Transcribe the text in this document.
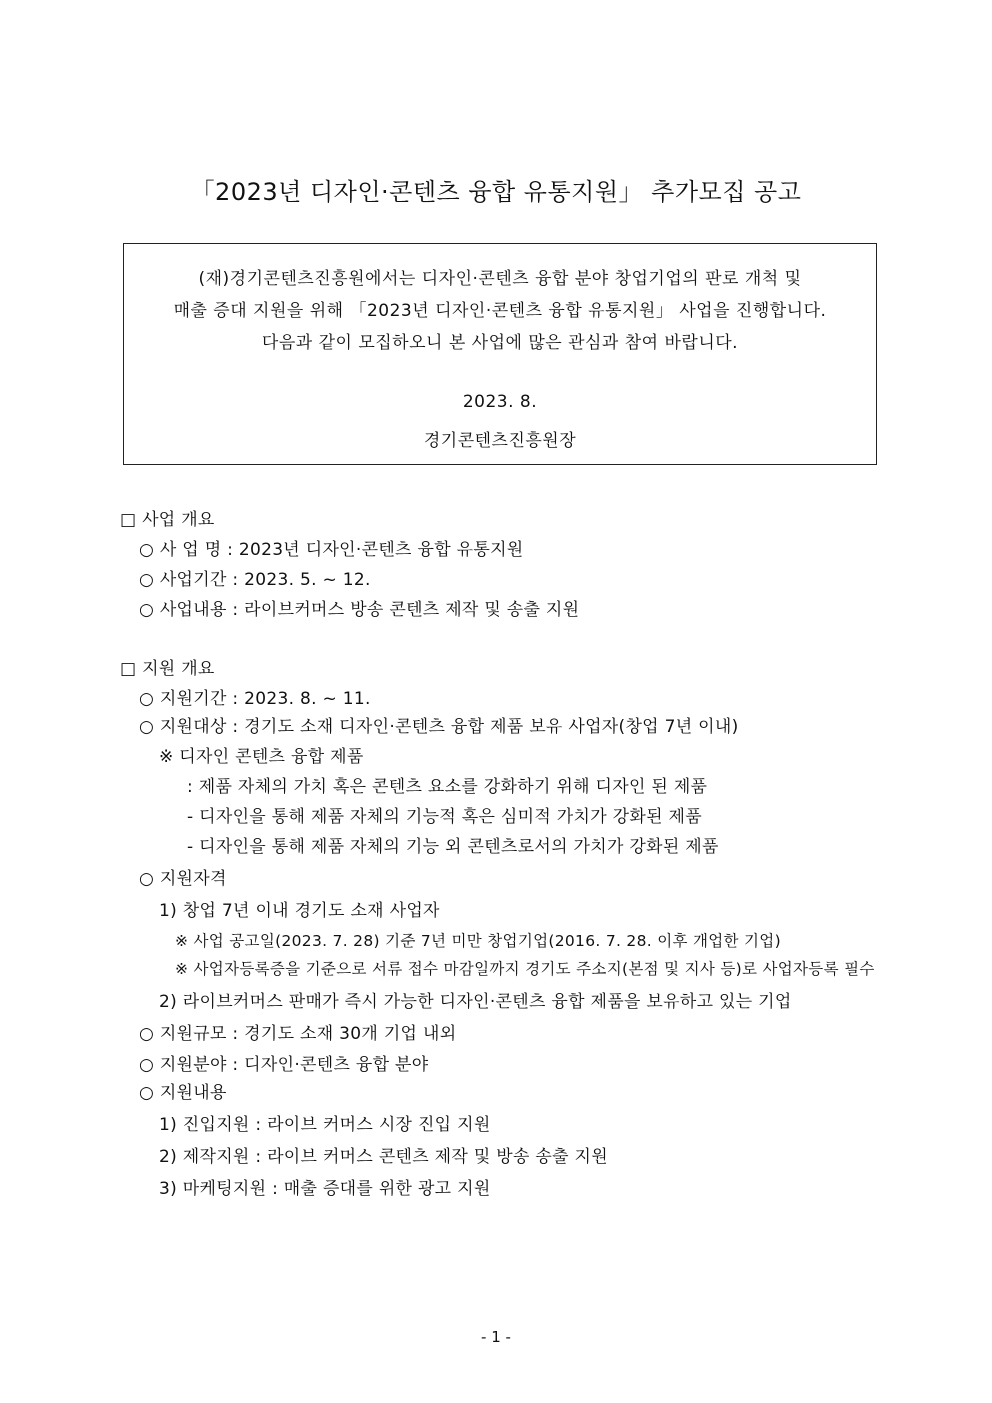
「2023년 디자인·콘텐츠 융합 유통지원」 추가모집 공고
(재)경기콘텐츠진흥원에서는 디자인·콘텐츠 융합 분야 창업기업의 판로 개척 및
매출 증대 지원을 위해 「2023년 디자인·콘텐츠 융합 유통지원」 사업을 진행합니다.
다음과 같이 모집하오니 본 사업에 많은 관심과 참여 바랍니다.
2023. 8.
경기콘텐츠진흥원장
□ 사업 개요
○ 사 업 명 : 2023년 디자인·콘텐츠 융합 유통지원
○ 사업기간 : 2023. 5. ~ 12.
○ 사업내용 : 라이브커머스 방송 콘텐츠 제작 및 송출 지원
□ 지원 개요
○ 지원기간 : 2023. 8. ~ 11.
○ 지원대상 : 경기도 소재 디자인·콘텐츠 융합 제품 보유 사업자(창업 7년 이내)
※ 디자인 콘텐츠 융합 제품
: 제품 자체의 가치 혹은 콘텐츠 요소를 강화하기 위해 디자인 된 제품
- 디자인을 통해 제품 자체의 기능적 혹은 심미적 가치가 강화된 제품
- 디자인을 통해 제품 자체의 기능 외 콘텐츠로서의 가치가 강화된 제품
○ 지원자격
1) 창업 7년 이내 경기도 소재 사업자
※ 사업 공고일(2023. 7. 28) 기준 7년 미만 창업기업(2016. 7. 28. 이후 개업한 기업)
※ 사업자등록증을 기준으로 서류 접수 마감일까지 경기도 주소지(본점 및 지사 등)로 사업자등록 필수
2) 라이브커머스 판매가 즉시 가능한 디자인·콘텐츠 융합 제품을 보유하고 있는 기업
○ 지원규모 : 경기도 소재 30개 기업 내외
○ 지원분야 : 디자인·콘텐츠 융합 분야
○ 지원내용
1) 진입지원 : 라이브 커머스 시장 진입 지원
2) 제작지원 : 라이브 커머스 콘텐츠 제작 및 방송 송출 지원
3) 마케팅지원 : 매출 증대를 위한 광고 지원
- 1 -
